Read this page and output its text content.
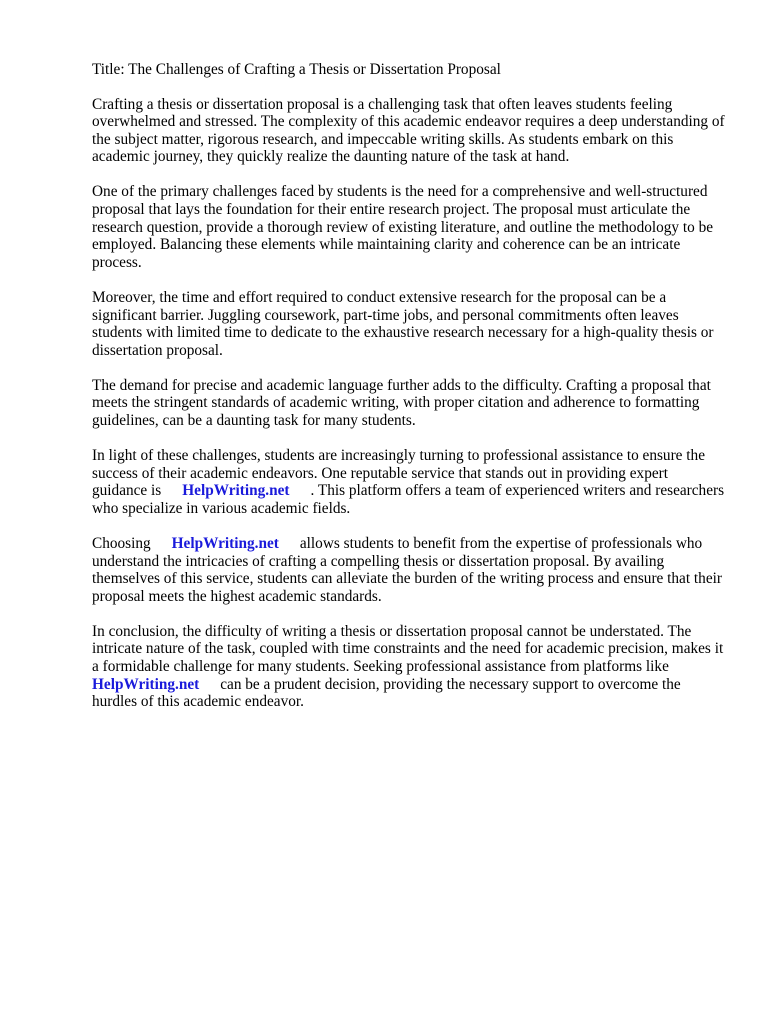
Title: The Challenges of Crafting a Thesis or Dissertation Proposal

Crafting a thesis or dissertation proposal is a challenging task that often leaves students feeling overwhelmed and stressed. The complexity of this academic endeavor requires a deep understanding of the subject matter, rigorous research, and impeccable writing skills. As students embark on this academic journey, they quickly realize the daunting nature of the task at hand.

One of the primary challenges faced by students is the need for a comprehensive and well-structured proposal that lays the foundation for their entire research project. The proposal must articulate the research question, provide a thorough review of existing literature, and outline the methodology to be employed. Balancing these elements while maintaining clarity and coherence can be an intricate process.

Moreover, the time and effort required to conduct extensive research for the proposal can be a significant barrier. Juggling coursework, part-time jobs, and personal commitments often leaves students with limited time to dedicate to the exhaustive research necessary for a high-quality thesis or dissertation proposal.

The demand for precise and academic language further adds to the difficulty. Crafting a proposal that meets the stringent standards of academic writing, with proper citation and adherence to formatting guidelines, can be a daunting task for many students.

In light of these challenges, students are increasingly turning to professional assistance to ensure the success of their academic endeavors. One reputable service that stands out in providing expert guidance is HelpWriting.net . This platform offers a team of experienced writers and researchers who specialize in various academic fields.

Choosing HelpWriting.net allows students to benefit from the expertise of professionals who understand the intricacies of crafting a compelling thesis or dissertation proposal. By availing themselves of this service, students can alleviate the burden of the writing process and ensure that their proposal meets the highest academic standards.

In conclusion, the difficulty of writing a thesis or dissertation proposal cannot be understated. The intricate nature of the task, coupled with time constraints and the need for academic precision, makes it a formidable challenge for many students. Seeking professional assistance from platforms likeHelpWriting.net can be a prudent decision, providing the necessary support to overcome the hurdles of this academic endeavor.
